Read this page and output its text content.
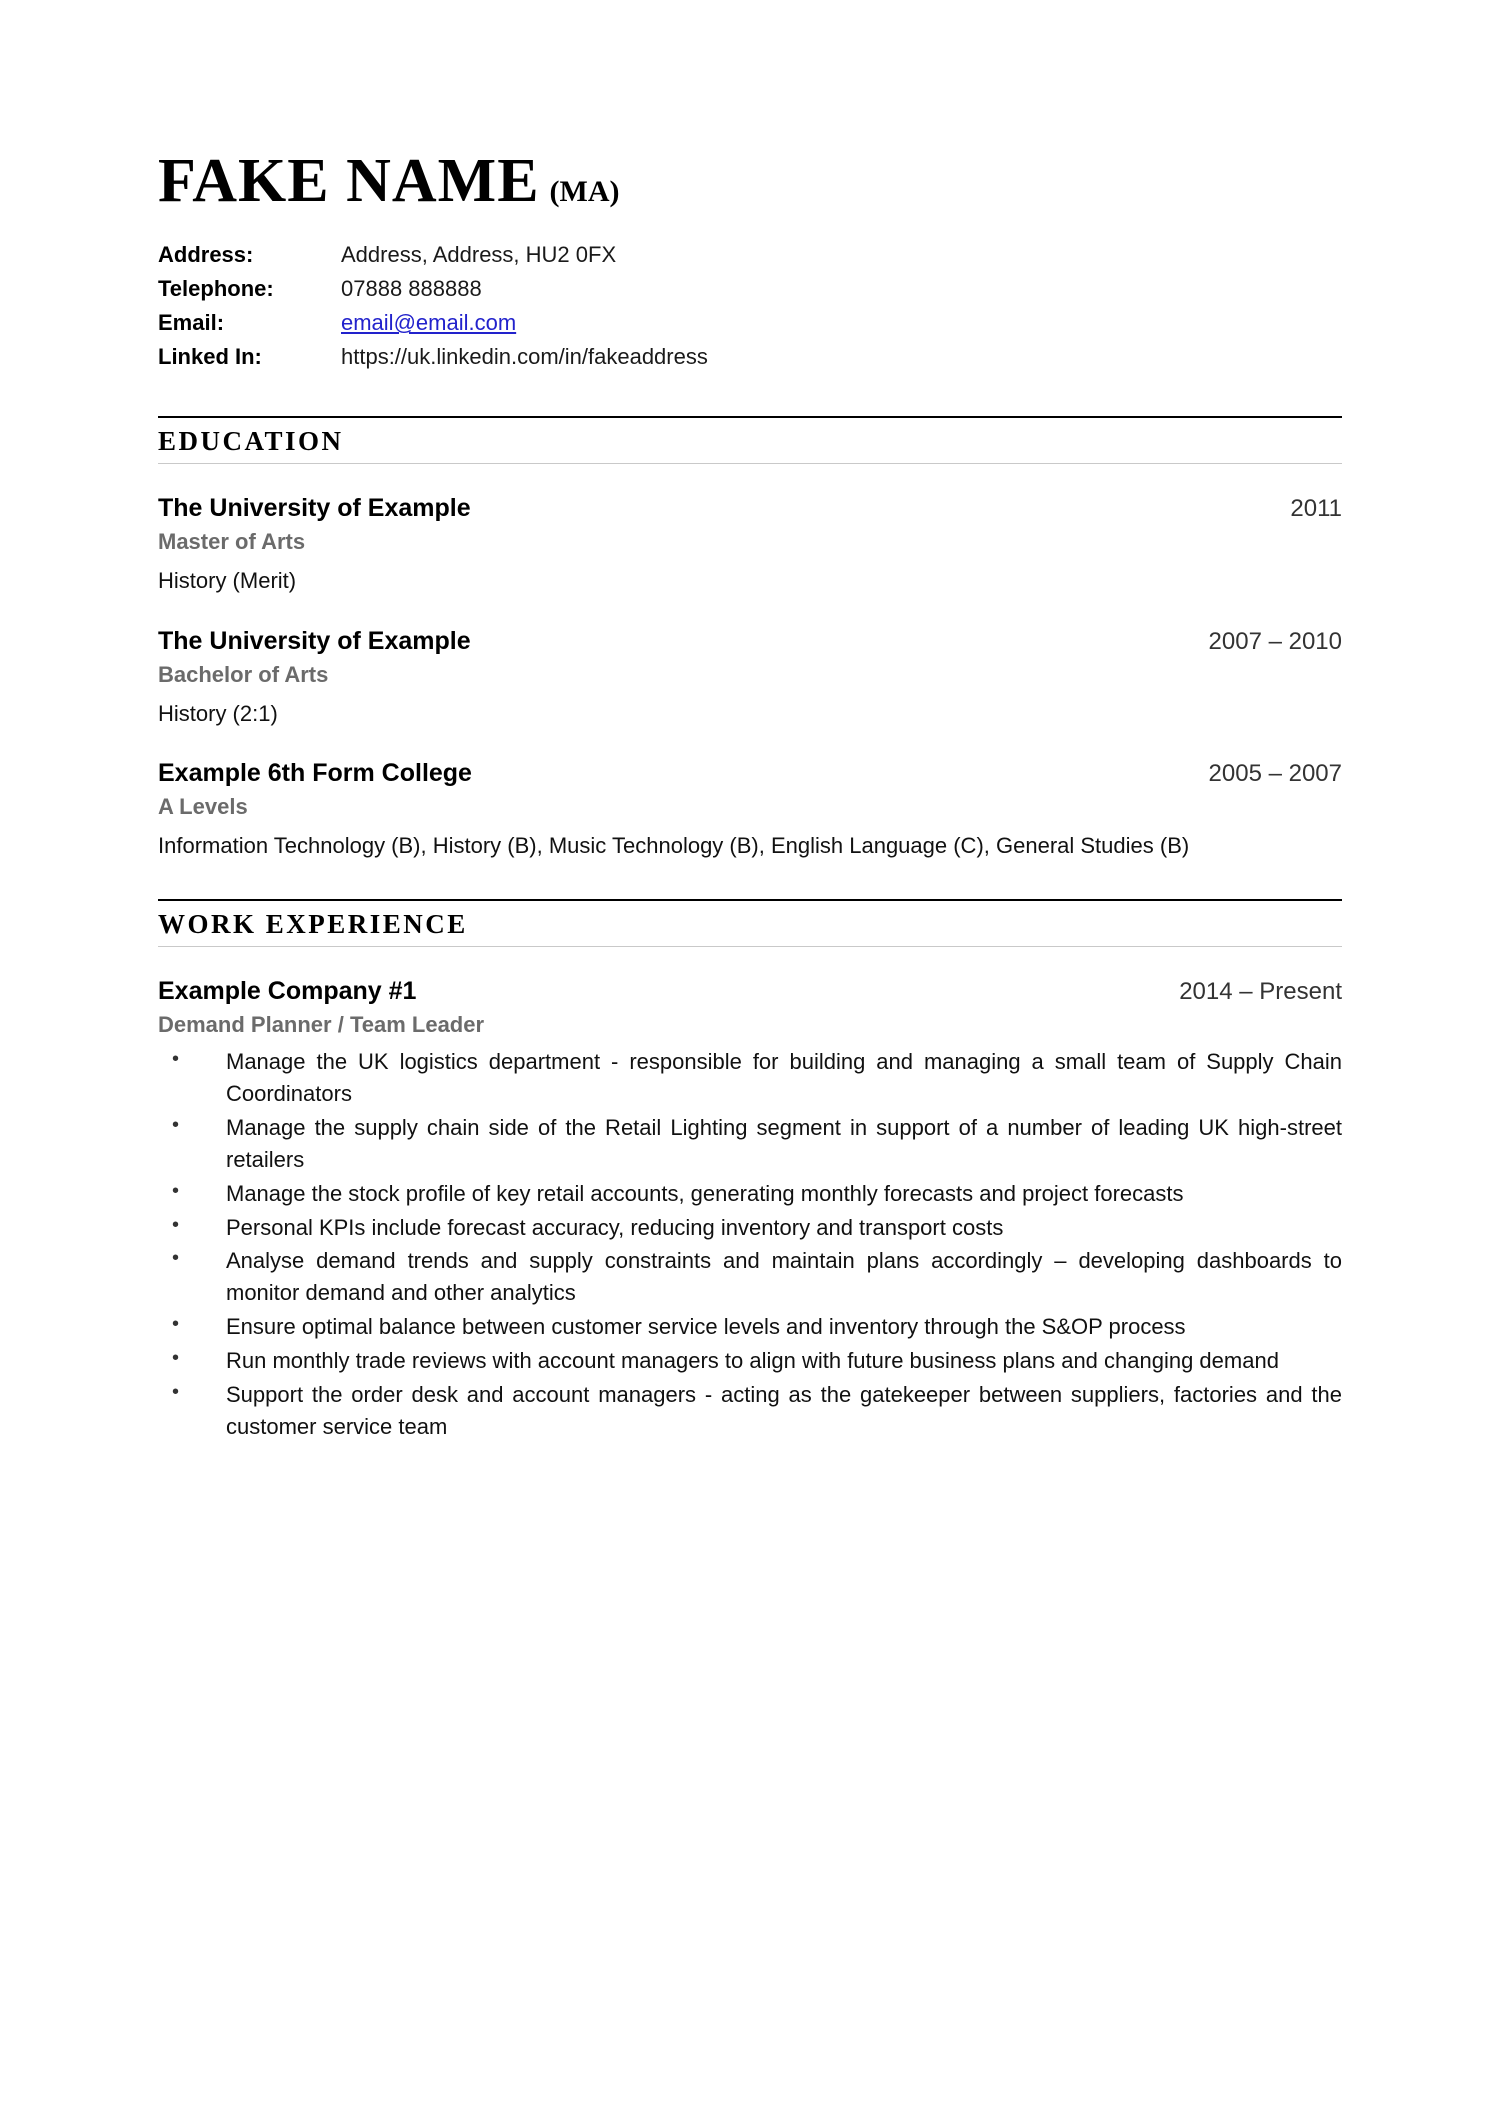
FAKE NAME (MA)
Address:	Address, Address, HU2 0FX
Telephone:	07888 888888
Email:	email@email.com
Linked In:	https://uk.linkedin.com/in/fakeaddress
EDUCATION
The University of Example	2011
Master of Arts
History (Merit)
The University of Example	2007 – 2010
Bachelor of Arts
History (2:1)
Example 6th Form College	2005 – 2007
A Levels
Information Technology (B), History (B), Music Technology (B), English Language (C), General Studies (B)
WORK EXPERIENCE
Example Company #1	2014 – Present
Demand Planner / Team Leader
• Manage the UK logistics department - responsible for building and managing a small team of Supply Chain Coordinators
• Manage the supply chain side of the Retail Lighting segment in support of a number of leading UK high-street retailers
• Manage the stock profile of key retail accounts, generating monthly forecasts and project forecasts
• Personal KPIs include forecast accuracy, reducing inventory and transport costs
• Analyse demand trends and supply constraints and maintain plans accordingly – developing dashboards to monitor demand and other analytics
• Ensure optimal balance between customer service levels and inventory through the S&OP process
• Run monthly trade reviews with account managers to align with future business plans and changing demand
• Support the order desk and account managers - acting as the gatekeeper between suppliers, factories and the customer service team
